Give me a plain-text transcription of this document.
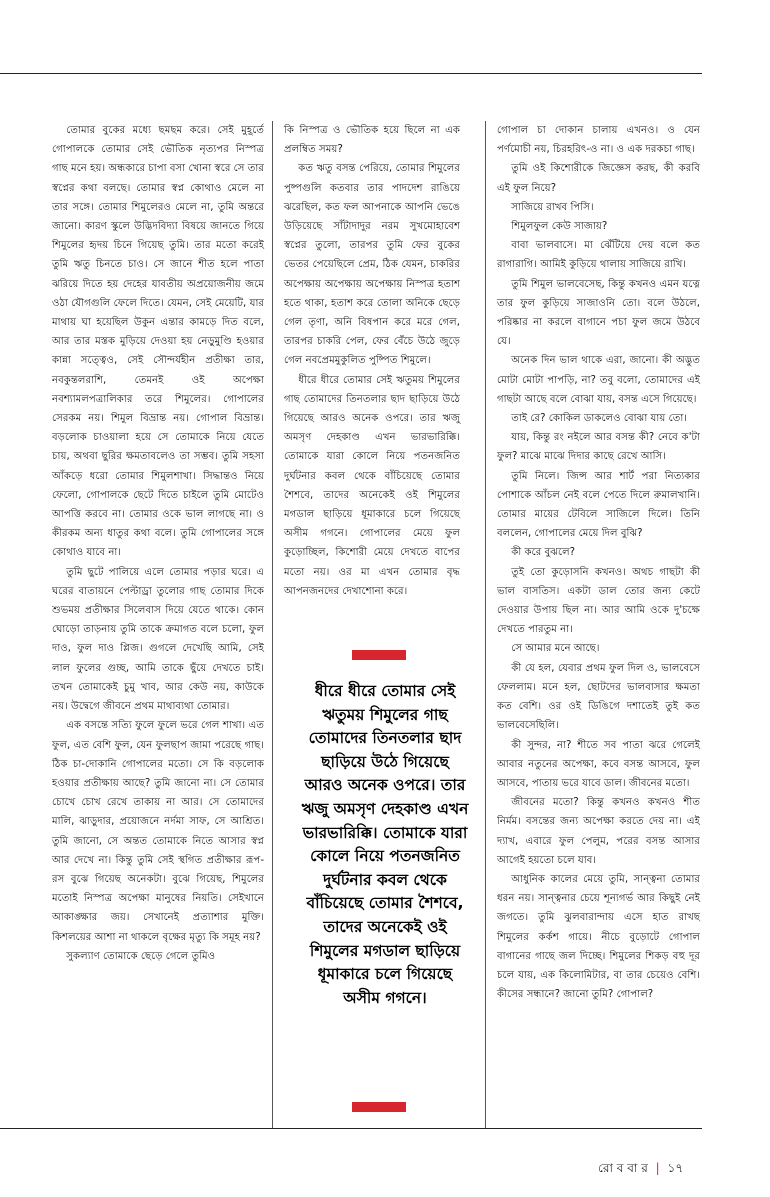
তোমার বুকের মধ্যে ছমছম করে। সেই মুহূর্তে গোপালকে তোমার সেই ভৌতিক নৃত্যপর নিস্পত্র গাছ মনে হয়। অন্ধকারে চাপা বসা খোনা স্বরে সে তার স্বপ্নের কথা বলছে। তোমার স্বপ্ন কোথাও মেলে না তার সঙ্গে। তোমার শিমুলেরও মেলে না, তুমি অন্তরে জানো। কারণ স্কুলে উদ্ভিদবিদ্যা বিষয়ে জানতে গিয়ে শিমুলের হৃদয় চিনে গিয়েছ তুমি। তার মতো করেই তুমি ঋতু চিনতে চাও। সে জানে শীত হলে পাতা ঝরিয়ে দিতে হয় দেহের যাবতীয় অপ্রয়োজনীয় জমে ওঠা যৌগগুলি ফেলে দিতে। যেমন, সেই মেয়েটি, যার মাথায় ঘা হয়েছিল উকুন এন্তার কামড়ে দিত বলে, আর তার মস্তক মুড়িয়ে দেওয়া হয় নেড়ুমুণ্ডি হওয়ার কান্না সত্ত্বেও, সেই সৌন্দর্যহীন প্রতীক্ষা তার, নবকুন্তলরাশি, তেমনই ওই অপেক্ষা নবশ্যামলপত্রালিকার তরে শিমুলের। গোপালের সেরকম নয়। শিমুল বিভ্রান্ত নয়। গোপাল বিভ্রান্ত। বড়লোক চাওয়ালা হয়ে সে তোমাকে নিয়ে যেতে চায়, অথবা ছুরির ক্ষমতাবলেও তা সম্ভব। তুমি সহসা আঁকড়ে ধরো তোমার শিমুলশাখা। সিদ্ধান্তও নিয়ে ফেলো, গোপালকে ছেটে দিতে চাইলে তুমি মোটেও আপত্তি করবে না। তোমার ওকে ভাল লাগছে না। ও কীরকম অন্য ধাতুর কথা বলে। তুমি গোপালের সঙ্গে কোথাও যাবে না।

তুমি ছুটে পালিয়ে এলে তোমার পড়ার ঘরে। এ ঘরের বাতায়নে পেল্টাড্রা তুলোর গাছ তোমার দিকে শুভময় প্রতীক্ষার সিলেবাস দিয়ে যেতে থাকে। কোন ঘোড়ো তাড়নায় তুমি তাকে ক্রমাগত বলে চলো, ফুল দাও, ফুল দাও প্লিজ। গুগলে দেখেছি আমি, সেই লাল ফুলের গুচ্ছ, আমি তাকে ছুঁয়ে দেখতে চাই। তখন তোমাকেই চুমু খাব, আর কেউ নয়, কাউকে নয়। উদ্বেগে জীবনে প্রথম মাথাব্যথা তোমার।

এক বসন্তে সত্যি ফুলে ফুলে ভরে গেল শাখা। এত ফুল, এত বেশি ফুল, যেন ফুলছাপ জামা পরেছে গাছ। ঠিক চা-দোকানি গোপালের মতো। সে কি বড়লোক হওয়ার প্রতীক্ষায় আছে? তুমি জানো না। সে তোমার চোখে চোখ রেখে তাকায় না আর। সে তোমাদের মালি, ঝাড়ুদার, প্রয়োজনে নর্দমা সাফ, সে আশ্রিত। তুমি জানো, সে অন্তত তোমাকে নিতে আসার স্বপ্ন আর দেখে না। কিন্তু তুমি সেই স্থগিত প্রতীক্ষার রূপ-রস বুঝে গিয়েছ অনেকটা। বুঝে গিয়েছ, শিমুলের মতোই নিস্পত্র অপেক্ষা মানুষের নিয়তি। সেইখানে আকাঙ্ক্ষার জয়। সেখানেই প্রত্যাশার মুক্তি। কিশলয়ের আশা না থাকলে বৃক্ষের মৃত্যু কি সমূহ নয়?

সুকল্যাণ তোমাকে ছেড়ে গেলে তুমিও

কি নিস্পত্র ও ভৌতিক হয়ে ছিলে না এক প্রলম্বিত সময়?

কত ঋতু বসন্ত পেরিয়ে, তোমার শিমুলের পুষ্পগুলি কতবার তার পাদদেশ রাঙিয়ে ঝরেছিল, কত ফল আপনাকে আপনি ভেঙে উড়িয়েছে সাঁটাদাদুর নরম সুখমোহাবেশ স্বপ্নের তুলো, তারপর তুমি ফের বুকের ভেতর পেয়েছিলে প্রেম, ঠিক যেমন, চাকরির অপেক্ষায় অপেক্ষায় অপেক্ষায় নিস্পত্র হতাশ হতে থাকা, হতাশ করে তোলা অনিকে ছেড়ে গেল তৃণা, অনি বিষপান করে মরে গেল, তারপর চাকরি পেল, ফের বেঁচে উঠে জুড়ে গেল নবপ্রেমমুকুলিত পুষ্পিত শিমুলে।

ধীরে ধীরে তোমার সেই ঋতুময় শিমুলের গাছ তোমাদের তিনতলার ছাদ ছাড়িয়ে উঠে গিয়েছে আরও অনেক ওপরে। তার ঋজু অমসৃণ দেহকাণ্ড এখন ভারভারিক্কি। তোমাকে যারা কোলে নিয়ে পতনজনিত দুর্ঘটনার কবল থেকে বাঁচিয়েছে তোমার শৈশবে, তাদের অনেকেই ওই শিমুলের মগডাল ছাড়িয়ে ধূমাকারে চলে গিয়েছে অসীম গগনে। গোপালের মেয়ে ফুল কুড়োচ্ছিল, কিশোরী মেয়ে দেখতে বাপের মতো নয়। ওর মা এখন তোমার বৃদ্ধ আপনজনদের দেখাশোনা করে।

ধীরে ধীরে তোমার সেই ঋতুময় শিমুলের গাছ তোমাদের তিনতলার ছাদ ছাড়িয়ে উঠে গিয়েছে আরও অনেক ওপরে। তার ঋজু অমসৃণ দেহকাণ্ড এখন ভারভারিক্কি। তোমাকে যারা কোলে নিয়ে পতনজনিত দুর্ঘটনার কবল থেকে বাঁচিয়েছে তোমার শৈশবে, তাদের অনেকেই ওই শিমুলের মগডাল ছাড়িয়ে ধূমাকারে চলে গিয়েছে অসীম গগনে।

গোপাল চা দোকান চালায় এখনও। ও যেন পর্ণমোচী নয়, চিরহরিৎ-ও না। ও এক দরকচা গাছ।

তুমি ওই কিশোরীকে জিজ্ঞেস করছ, কী করবি এই ফুল নিয়ে?

সাজিয়ে রাখব পিসি।

শিমুলফুল কেউ সাজায়?

বাবা ভালবাসে। মা ঝেঁটিয়ে দেয় বলে কত রাগারাগি। আমিই কুড়িয়ে থালায় সাজিয়ে রাখি।

তুমি শিমুল ভালবেসেছ, কিন্তু কখনও এমন যত্নে তার ফুল কুড়িয়ে সাজাওনি তো। বলে উঠলে, পরিষ্কার না করলে বাগানে পচা ফুল জমে উঠবে যে।

অনেক দিন ভাল থাকে এরা, জানো। কী অদ্ভুত মোটা মোটা পাপড়ি, না? তবু বলো, তোমাদের এই গাছটা আছে বলে বোঝা যায়, বসন্ত এসে গিয়েছে।

তাই রে? কোকিল ডাকলেও বোঝা যায় তো।

যায়, কিন্তু রং নইলে আর বসন্ত কী? নেবে ক'টা ফুল? মাঝে মাঝে দিদার কাছে রেখে আসি।

তুমি নিলে। জিন্স আর শার্ট পরা নিত্যকার পোশাকে আঁচল নেই বলে পেতে দিলে রুমালখানি। তোমার মায়ের টেবিলে সাজিলে দিলে। তিনি বললেন, গোপালের মেয়ে দিল বুঝি?

কী করে বুঝলে?

তুই তো কুড়োসনি কখনও। অথচ গাছটা কী ভাল বাসতিস। একটা ডাল তোর জন্য কেটে দেওয়ার উপায় ছিল না। আর আমি ওকে দু'চক্ষে দেখতে পারতুম না।

সে আমার মনে আছে।

কী যে হল, যেবার প্রথম ফুল দিল ও, ভালবেসে ফেললাম। মনে হল, ছোটদের ভালবাসার ক্ষমতা কত বেশি। ওর ওই ডিঙিগে দশাতেই তুই কত ভালবেসেছিলি।

কী সুন্দর, না? শীতে সব পাতা ঝরে গেলেই আবার নতুনের অপেক্ষা, কবে বসন্ত আসবে, ফুল আসবে, পাতায় ভরে যাবে ডাল। জীবনের মতো।

জীবনের মতো? কিন্তু কখনও কখনও শীত নির্মম। বসন্তের জন্য অপেক্ষা করতে দেয় না। এই দ্যাখ, এবারে ফুল পেলুম, পরের বসন্ত আসার আগেই হয়তো চলে যাব।

আধুনিক কালের মেয়ে তুমি, সান্ত্বনা তোমার ধরন নয়। সান্ত্বনার চেয়ে শূন্যগর্ভ আর কিছুই নেই জগতে। তুমি ঝুলবারান্দায় এসে হাত রাখছ শিমুলের কর্কশ গায়ে। নীচে বুড়োটে গোপাল বাগানের গাছে জল দিচ্ছে। শিমুলের শিকড় বহু দূর চলে যায়, এক কিলোমিটার, বা তার চেয়েও বেশি। কীসের সন্ধানে? জানো তুমি? গোপাল?

রো ব বা র | ১৭
